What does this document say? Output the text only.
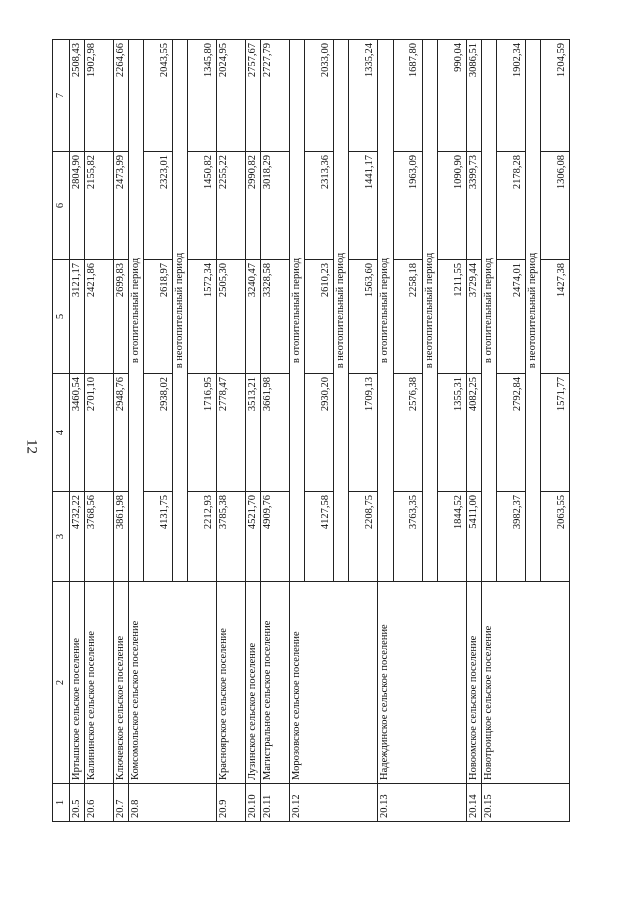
12
1	2	3	4	5	6	7
20.5	Иртышское сельское поселение	4732,22	3460,54	3121,17	2804,90	2508,43
20.6	Калининское сельское поселение	3768,56	2701,10	2421,86	2155,82	1902,98
20.7	Ключевское сельское поселение	3861,98	2948,76	2699,83	2473,99	2264,66
20.8	Комсомольское сельское поселение	в отопительный период				
		4131,75	2938,02	2618,97	2323,01	2043,55
		в неотопительный период				
		2212,93	1716,95	1572,34	1450,82	1345,80
20.9	Красноярское сельское поселение	3785,38	2778,47	2505,30	2255,22	2024,95
20.10	Лузинское сельское поселение	4521,70	3513,21	3240,47	2990,82	2757,67
20.11	Магистральное сельское поселение	4909,76	3661,98	3328,58	3018,29	2727,79
20.12	Морозовское сельское поселение	в отопительный период				
		4127,58	2930,20	2610,23	2313,36	2033,00
		в неотопительный период				
		2208,75	1709,13	1563,60	1441,17	1335,24
20.13	Надеждинское сельское поселение	в отопительный период				
		3763,35	2576,38	2258,18	1963,09	1687,80
		в неотопительный период				
		1844,52	1355,31	1211,55	1090,90	990,04
20.14	Новоомское сельское поселение	5411,00	4082,25	3729,44	3399,73	3086,51
20.15	Новотроицкое сельское поселение	в отопительный период				
		3982,37	2792,84	2474,01	2178,28	1902,34
		в неотопительный период				
		2063,55	1571,77	1427,38	1306,08	1204,59
